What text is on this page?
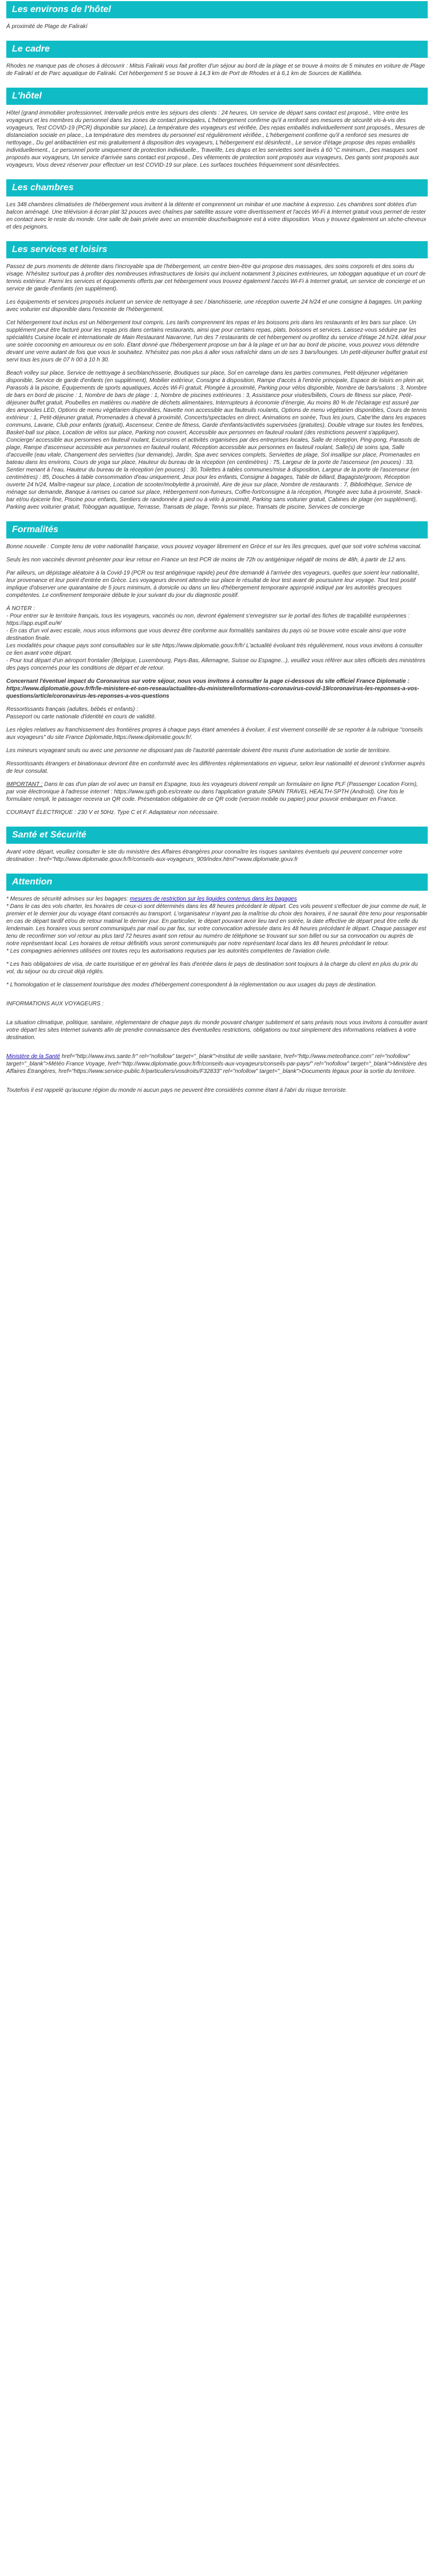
Les environs de l'hôtel

À proximité de Plage de Falirakí

Le cadre

Rhodes ne manque pas de choses à découvrir : Mitsis Faliraki vous fait profiter d'un séjour au bord de la plage et se trouve à moins de 5 minutes en voiture de Plage de Falirakí et de Parc aquatique de Faliraki. Cet hébergement 5 se trouve à 14,3 km de Port de Rhodes et à 6,1 km de Sources de Kallithéa.

L'hôtel

Hôtel (grand immobilier professionnel, Intervalle précis entre les séjours des clients : 24 heures, Un service de départ sans contact est proposé., Vitre entre les voyageurs et les membres du personnel dans les zones de contact principales, L'hébergement confirme qu'il a renforcé ses mesures de sécurité vis-à-vis des voyageurs, Test COVID-19 (PCR) disponible sur place), La température des voyageurs est vérifiée, Des repas emballés individuellement sont proposés., Mesures de distanciation sociale en place., La température des membres du personnel est régulièrement vérifiée., L'hébergement confirme qu'il a renforcé ses mesures de nettoyage., Du gel antibactérien est mis gratuitement à disposition des voyageurs, L'hébergement est désinfecté., Le service d'étage propose des repas emballés individuellement., Le personnel porte uniquement de protection individuelle., Travelife, Les draps et les serviettes sont lavés à 60 °C minimum., Des masques sont proposés aux voyageurs, Un service d'arrivée sans contact est proposé., Des vêtements de protection sont proposés aux voyageurs, Des gants sont proposés aux voyageurs, Vous devez réserver pour effectuer un test COVID-19 sur place. Les surfaces touchées fréquemment sont désinfectées.

Les chambres

Les 348 chambres climatisées de l'hébergement vous invitent à la détente et comprennent un minibar et une machine à expresso. Les chambres sont dotées d'un balcon aménagé. Une télévision à écran plat 32 pouces avec chaînes par satellite assure votre divertissement et l'accès Wi-Fi à Internet gratuit vous permet de rester en contact avec le reste du monde. Une salle de bain privée avec un ensemble douche/baignoire est à votre disposition. Vous y trouvez également un sèche-cheveux et des peignoirs.

Les services et loisirs

Passez de purs moments de détente dans l'incroyable spa de l'hébergement, un centre bien-être qui propose des massages, des soins corporels et des soins du visage. N'hésitez surtout pas à profiter des nombreuses infrastructures de loisirs qui incluent notamment 3 piscines extérieures, un toboggan aquatique et un court de tennis extérieur. Parmi les services et équipements offerts par cet hébergement vous trouvez également l'accès Wi-Fi à Internet gratuit, un service de concierge et un service de garde d'enfants (en supplément).

Les équipements et services proposés incluent un service de nettoyage à sec / blanchisserie, une réception ouverte 24 h/24 et une consigne à bagages. Un parking avec voiturier est disponible dans l'enceinte de l'hébergement.

Cet hébergement tout inclus est un hébergement tout compris. Les tarifs comprennent les repas et les boissons pris dans les restaurants et les bars sur place. Un supplément peut être facturé pour les repas pris dans certains restaurants, ainsi que pour certains repas, plats, boissons et services. Laissez-vous séduire par les spécialités Cuisine locale et internationale de Main Restaurant Navarone, l'un des 7 restaurants de cet hébergement ou profitez du service d'étage 24 h/24. idéal pour une soirée cocooning en amoureux ou en solo. Étant donné que l'hébergement propose un bar à la plage et un bar au bord de piscine, vous pouvez vous détendre devant une verre autant de fois que vous le souhaitez. N'hésitez pas non plus à aller vous rafraîchir dans un de ses 3 bars/lounges. Un petit-déjeuner buffet gratuit est servi tous les jours de 07 h 00 à 10 h 30.

Beach volley sur place, Service de nettoyage à sec/blanchisserie, Boutiques sur place, Sol en carrelage dans les parties communes, Petit-déjeuner végétarien disponible, Service de garde d'enfants (en supplément), Mobilier extérieur, Consigne à disposition, Rampe d'accès à l'entrée principale, Espace de loisirs en plein air, Parasols à la piscine, Équipements de sports aquatiques, Accès Wi-Fi gratuit, Plongée à proximité, Parking pour vélos disponible, Nombre de bars/salons : 3, Nombre de bars en bord de piscine : 1, Nombre de bars de plage : 1, Nombre de piscines extérieures : 3, Assistance pour visites/billets, Cours de fitness sur place, Petit-déjeuner buffet gratuit, Poubelles en matières ou matière de déchets alimentaires, Interrupteurs à économie d'énergie, Au moins 80 % de l'éclairage est assuré par des ampoules LED, Options de menu végétarien disponibles, Navette non accessible aux fauteuils roulants, Options de menu végétarien disponibles, Cours de tennis extérieur : 1, Petit-déjeuner gratuit, Promenades à cheval à proximité, Concerts/spectacles en direct, Animations en soirée, Tous les jours, Cabe'the dans les espaces communs, Lavarie, Club pour enfants (gratuit), Ascenseur, Centre de fitness, Garde d'enfants/activités supervisées (gratuites), Double vitrage sur toutes les fenêtres, Basket-ball sur place, Location de vélos sur place, Parking non couvert, Accessible aux personnes en fauteuil roulant (des restrictions peuvent s'appliquer), Concierge/ accessible aux personnes en fauteuil roulant, Excursions et activités organisées par des entreprises locales, Salle de réception, Ping-pong, Parasols de plage, Rampe d'ascenseur accessible aux personnes en fauteuil roulant, Réception accessible aux personnes en fauteuil roulant, Salle(s) de soins spa, Salle d'accueille (eau vitale, Changement des serviettes (sur demande), Jardin, Spa avec services complets, Serviettes de plage, Sol insallipe sur place, Promenades en bateau dans les environs, Cours de yoga sur place, Hauteur du bureau de la réception (en centimètres) : 75, Largeur de la porte de l'ascenseur (en pouces) : 33, Sentier menant à l'eau, Hauteur du bureau de la réception (en pouces) : 30, Toilettes à tables communes/mise à disposition, Largeur de la porte de l'ascenseur (en centimètres) : 85, Douches à table consommation d'eau uniquement, Jeux pour les enfants, Consigne à bagages, Table de billard, Bagagiste/groom, Réception ouverte 24 h/24, Maître-nageur sur place, Location de scooter/mobylette à proximité, Aire de jeux sur place, Nombre de restaurants : 7, Bibliothèque, Service de ménage sur demande, Banque à ramses ou canoë sur place, Hébergement non-fumeurs, Coffre-fort/consigne à la réception, Plongée avec tuba à proximité, Snack-bar et/ou épicerie fine, Piscine pour enfants, Sentiers de randonnée à pied ou à vélo à proximité, Parking sans voiturier gratuit, Cabines de plage (en supplément), Parking avec voiturier gratuit, Toboggan aquatique, Terrasse, Transats de plage, Tennis sur place, Transats de piscine, Services de concierge

Formalités

Bonne nouvelle : Compte tenu de votre nationalité française, vous pouvez voyager librement en Grèce et sur les îles grecques, quel que soit votre schéma vaccinal.

Seuls les non vaccinés devront présenter pour leur retour en France un test PCR de moins de 72h ou antigénique négatif de moins de 48h, à partir de 12 ans.

Par ailleurs, un dépistage aléatoire à la Covid-19 (PCR ou test antigénique rapide) peut être demandé à l'arrivée des voyageurs, quelles que soient leur nationalité, leur provenance et leur point d'entrée en Grèce. Les voyageurs devront attendre sur place le résultat de leur test avant de poursuivre leur voyage. Tout test positif implique d'observer une quarantaine de 5 jours minimum, à domicile ou dans un lieu d'hébergement temporaire approprié indiqué par les autorités grecques compétentes. Le confinement temporaire débute le jour suivant du jour du diagnostic positif.

À NOTER :

- Pour entrer sur le territoire français, tous les voyageurs, vaccinés ou non, devront également s'enregistrer sur le portail des fiches de traçabilité européennes : https://app.euplf.eu/#/

- En cas d'un vol avec escale, nous vous informons que vous devrez être conforme aux formalités sanitaires du pays où se trouve votre escale ainsi que votre destination finale.

Les modalités pour chaque pays sont consultables sur le site https://www.diplomatie.gouv.fr/fr/ L'actualité évoluant très régulièrement, nous vous invitons à consulter ce lien avant votre départ.

- Pour tout départ d'un aéroport frontalier (Belgique, Luxembourg, Pays-Bas, Allemagne, Suisse ou Espagne...), veuillez vous référer aux sites officiels des ministères des pays concernés pour les conditions de départ et de retour.

Concernant l'éventuel impact du Coronavirus sur votre séjour, nous vous invitons à consulter la page ci-dessous du site officiel France Diplomatie : https://www.diplomatie.gouv.fr/fr/le-ministere-et-son-reseau/actualites-du-ministere/informations-coronavirus-covid-19/coronavirus-les-reponses-a-vos-questions/article/coronavirus-les-reponses-a-vos-questions

Ressortissants français (adultes, bébés et enfants) :

Passeport ou carte nationale d'identité en cours de validité.

Les règles relatives au franchissement des frontières propres à chaque pays étant amenées à évoluer, il est vivement conseillé de se reporter à la rubrique "conseils aux voyageurs" du site France Diplomatie,https://www.diplomatie.gouv.fr/.

Les mineurs voyageant seuls ou avec une personne ne disposant pas de l'autorité parentale doivent être munis d'une autorisation de sortie de territoire.

Ressortissants étrangers et binationaux devront être en conformité avec les différentes réglementations en vigueur, selon leur nationalité et devront s'informer auprès de leur consulat.

IMPORTANT : Dans le cas d'un plan de vol avec un transit en Espagne, tous les voyageurs doivent remplir un formulaire en ligne PLF (Passenger Location Form), par voie électronique à l'adresse internet : https://www.spth.gob.es/create ou dans l'application gratuite SPAIN TRAVEL HEALTH-SPTH (Android). Une fois le formulaire rempli, le passager recevra un QR code. Présentation obligatoire de ce QR code (version mobile ou papier) pour pouvoir embarquer en France.

COURANT ÉLECTRIQUE : 230 V et 50Hz. Type C et F. Adaptateur non nécessaire.

Santé et Sécurité

Avant votre départ, veuillez consulter le site du ministère des Affaires étrangères pour connaître les risques sanitaires éventuels qui peuvent concerner votre destination : href="http://www.diplomatie.gouv.fr/fr/conseils-aux-voyageurs_909/index.html">www.diplomatie.gouv.fr

Attention

* Mesures de sécurité admises sur les bagages: mesures de restriction sur les liquides contenus dans les bagages

* Dans le cas des vols charter, les horaires de ceux-ci sont déterminés dans les 48 heures précédant le départ. Ces vols peuvent s'effectuer de jour comme de nuit, le premier et le dernier jour du voyage étant consacrés au transport. L'organisateur n'ayant pas la maîtrise du choix des horaires, il ne saurait être tenu pour responsable en cas de départ tardif et/ou de retour matinal le dernier jour. En particulier, le départ pouvant avoir lieu tard en soirée, la date effective de départ peut être celle du lendemain. Les horaires vous seront communiqués par mail ou par fax, sur votre convocation adressée dans les 48 heures précédant le départ. Chaque passager est tenu de reconfirmer son vol retour au plus tard 72 heures avant son retour au numéro de téléphone se trouvant sur son billet ou sur sa convocation ou auprès de notre représentant local. Les horaires de retour définitifs vous seront communiqués par notre représentant local dans les 48 heures précédant le retour.

* Les compagnies aériennes utilisées ont toutes reçu les autorisations requises par les autorités compétentes de l'aviation civile.

* Les frais obligatoires de visa, de carte touristique et en général les frais d'entrée dans le pays de destination sont toujours à la charge du client en plus du prix du vol, du séjour ou du circuit déjà réglés.

* L'homologation et le classement touristique des modes d'hébergement correspondent à la réglementation ou aux usages du pays de destination.

INFORMATIONS AUX VOYAGEURS :

La situation climatique, politique, sanitaire, réglementaire de chaque pays du monde pouvant changer subitement et sans préavis nous vous invitons à consulter avant votre départ les sites Internet suivants afin de prendre connaissance des éventuelles restrictions, obligations ou tout simplement des informations relatives à votre destination.

Ministère de la Santé href="http://www.invs.sante.fr" rel="nofollow" target="_blank">Institut de veille sanitaire, href="http://www.meteofrance.com" rel="nofollow" target="_blank">Météo France Voyage, href="http://www.diplomatie.gouv.fr/fr/conseils-aux-voyageurs/conseils-par-pays/" rel="nofollow" target="_blank">Ministère des Affaires Étrangères, href="https://www.service-public.fr/particuliers/vosdroits/F32833" rel="nofollow" target="_blank">Documents légaux pour la sortie du territoire.

Toutefois il est rappelé qu'aucune région du monde ni aucun pays ne peuvent être considérés comme étant à l'abri du risque terroriste.
